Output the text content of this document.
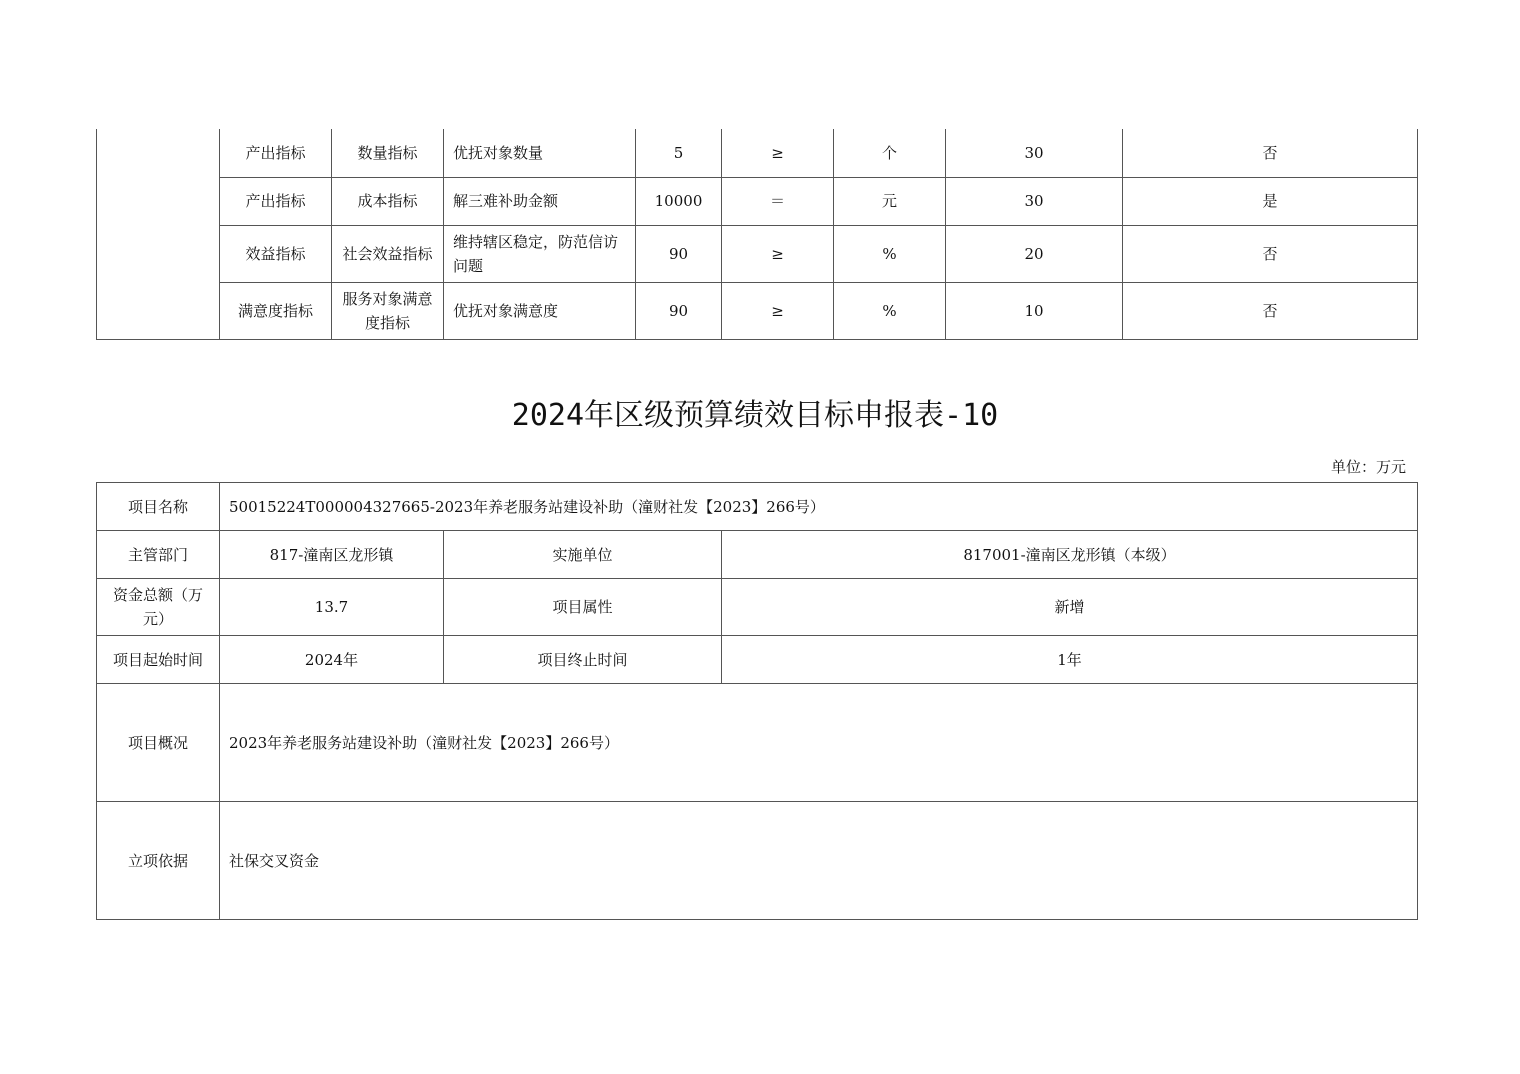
	产出指标	数量指标	优抚对象数量	5	≥	个	30	否
	产出指标	成本指标	解三难补助金额	10000	＝	元	30	是
	效益指标	社会效益指标	维持辖区稳定，防范信访问题	90	≥	%	20	否
	满意度指标	服务对象满意度指标	优抚对象满意度	90	≥	%	10	否
2024年区级预算绩效目标申报表-10
单位：万元
项目名称	50015224T000004327665-2023年养老服务站建设补助（潼财社发【2023】266号）		
主管部门	817-潼南区龙形镇	实施单位	817001-潼南区龙形镇（本级）
资金总额（万元）	13.7	项目属性	新增
项目起始时间	2024年	项目终止时间	1年
项目概况	2023年养老服务站建设补助（潼财社发【2023】266号）		
立项依据	社保交叉资金		
